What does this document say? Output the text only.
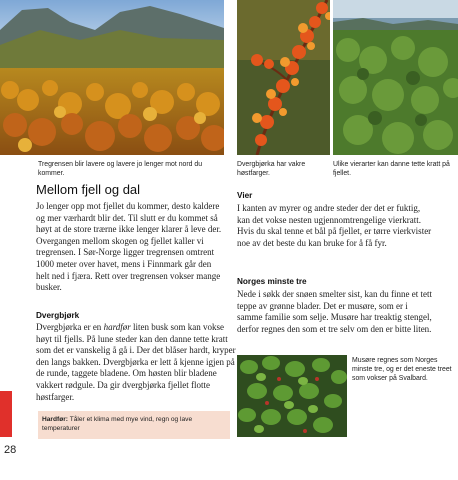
Tregrensen blir lavere og lavere jo lenger mot nord du kommer.
Dvergbjørka har vakre høstfarger.
Ulike vierarter kan danne tette kratt på fjellet.
Musøre regnes som Norges minste tre, og er det eneste treet som vokser på Svalbard.
Mellom fjell og dal
Jo lenger opp mot fjellet du kommer, desto kaldere og mer værhardt blir det. Til slutt er du kommet så høyt at de store trærne ikke lenger klarer å leve der. Overgangen mellom skogen og fjellet kaller vi tregrensen. I Sør-Norge ligger tregrensen omtrent 1000 meter over havet, mens i Finnmark går den helt ned i fjæra. Rett over tregrensen vokser mange busker.
Dvergbjørk
Dvergbjørka er en hardfør liten busk som kan vokse høyt til fjells. På lune steder kan den danne tette kratt som det er vanskelig å gå i. Der det blåser hardt, kryper den langs bakken. Dvergbjørka er lett å kjenne igjen på de runde, taggete bladene. Om høsten blir bladene vakkert rødgule. Da gir dvergbjørka fjellet flotte høstfarger.
Hardfør: Tåler et klima med mye vind, regn og lave temperaturer
Vier
I kanten av myrer og andre steder der det er fuktig, kan det vokse nesten ugjennomtrengelige vierkratt. Hvis du skal tenne et bål på fjellet, er tørre vierkvister noe av det beste du kan bruke for å få fyr.
Norges minste tre
Nede i søkk der snøen smelter sist, kan du finne et tett teppe av grønne blader. Det er musøre, som er i samme familie som selje. Musøre har treaktig stengel, derfor regnes den som et tre selv om den er bitte liten.
28
